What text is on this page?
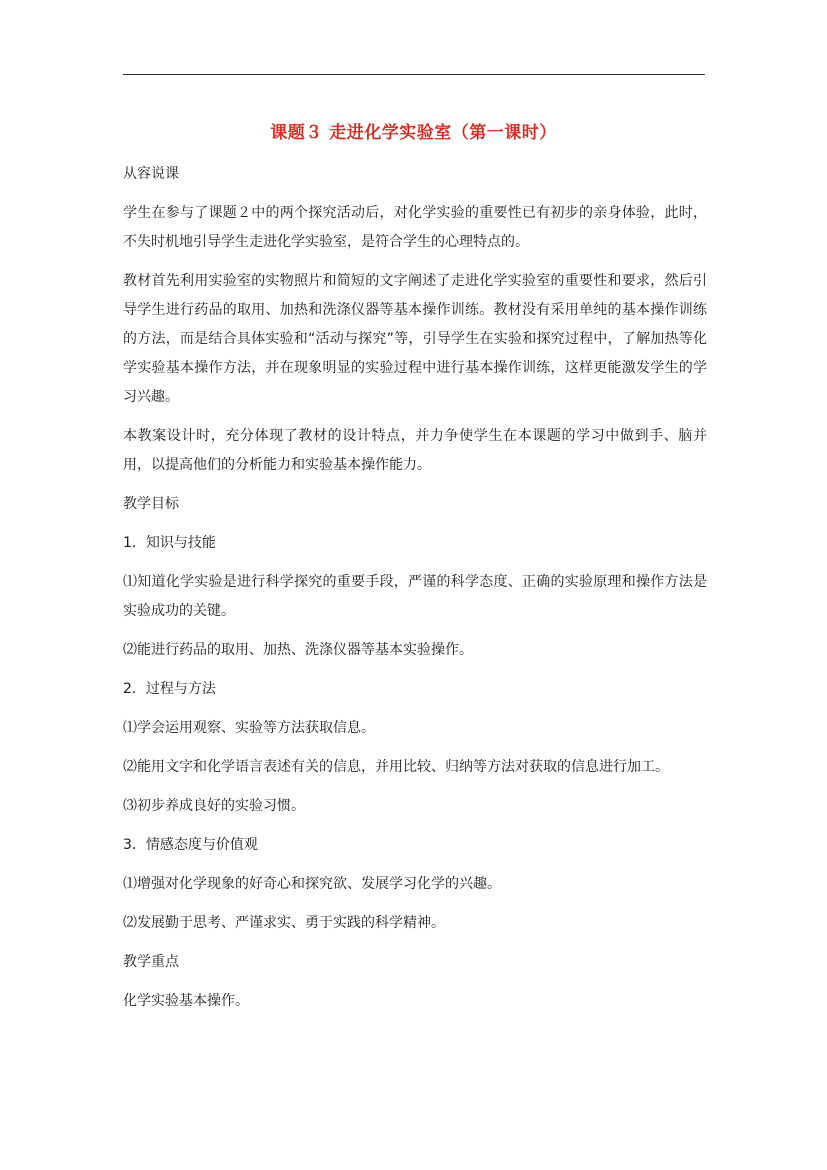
课题３ 走进化学实验室（第一课时）

从容说课

学生在参与了课题２中的两个探究活动后，对化学实验的重要性已有初步的亲身体验，此时，不失时机地引导学生走进化学实验室，是符合学生的心理特点的。

教材首先利用实验室的实物照片和简短的文字阐述了走进化学实验室的重要性和要求，然后引导学生进行药品的取用、加热和洗涤仪器等基本操作训练。教材没有采用单纯的基本操作训练的方法，而是结合具体实验和“活动与探究”等，引导学生在实验和探究过程中，了解加热等化学实验基本操作方法，并在现象明显的实验过程中进行基本操作训练，这样更能激发学生的学习兴趣。

本教案设计时，充分体现了教材的设计特点，并力争使学生在本课题的学习中做到手、脑并用，以提高他们的分析能力和实验基本操作能力。

教学目标

1．知识与技能

⑴知道化学实验是进行科学探究的重要手段，严谨的科学态度、正确的实验原理和操作方法是实验成功的关键。

⑵能进行药品的取用、加热、洗涤仪器等基本实验操作。

2．过程与方法

⑴学会运用观察、实验等方法获取信息。

⑵能用文字和化学语言表述有关的信息，并用比较、归纳等方法对获取的信息进行加工。

⑶初步养成良好的实验习惯。

3．情感态度与价值观

⑴增强对化学现象的好奇心和探究欲、发展学习化学的兴趣。

⑵发展勤于思考、严谨求实、勇于实践的科学精神。

教学重点

化学实验基本操作。
